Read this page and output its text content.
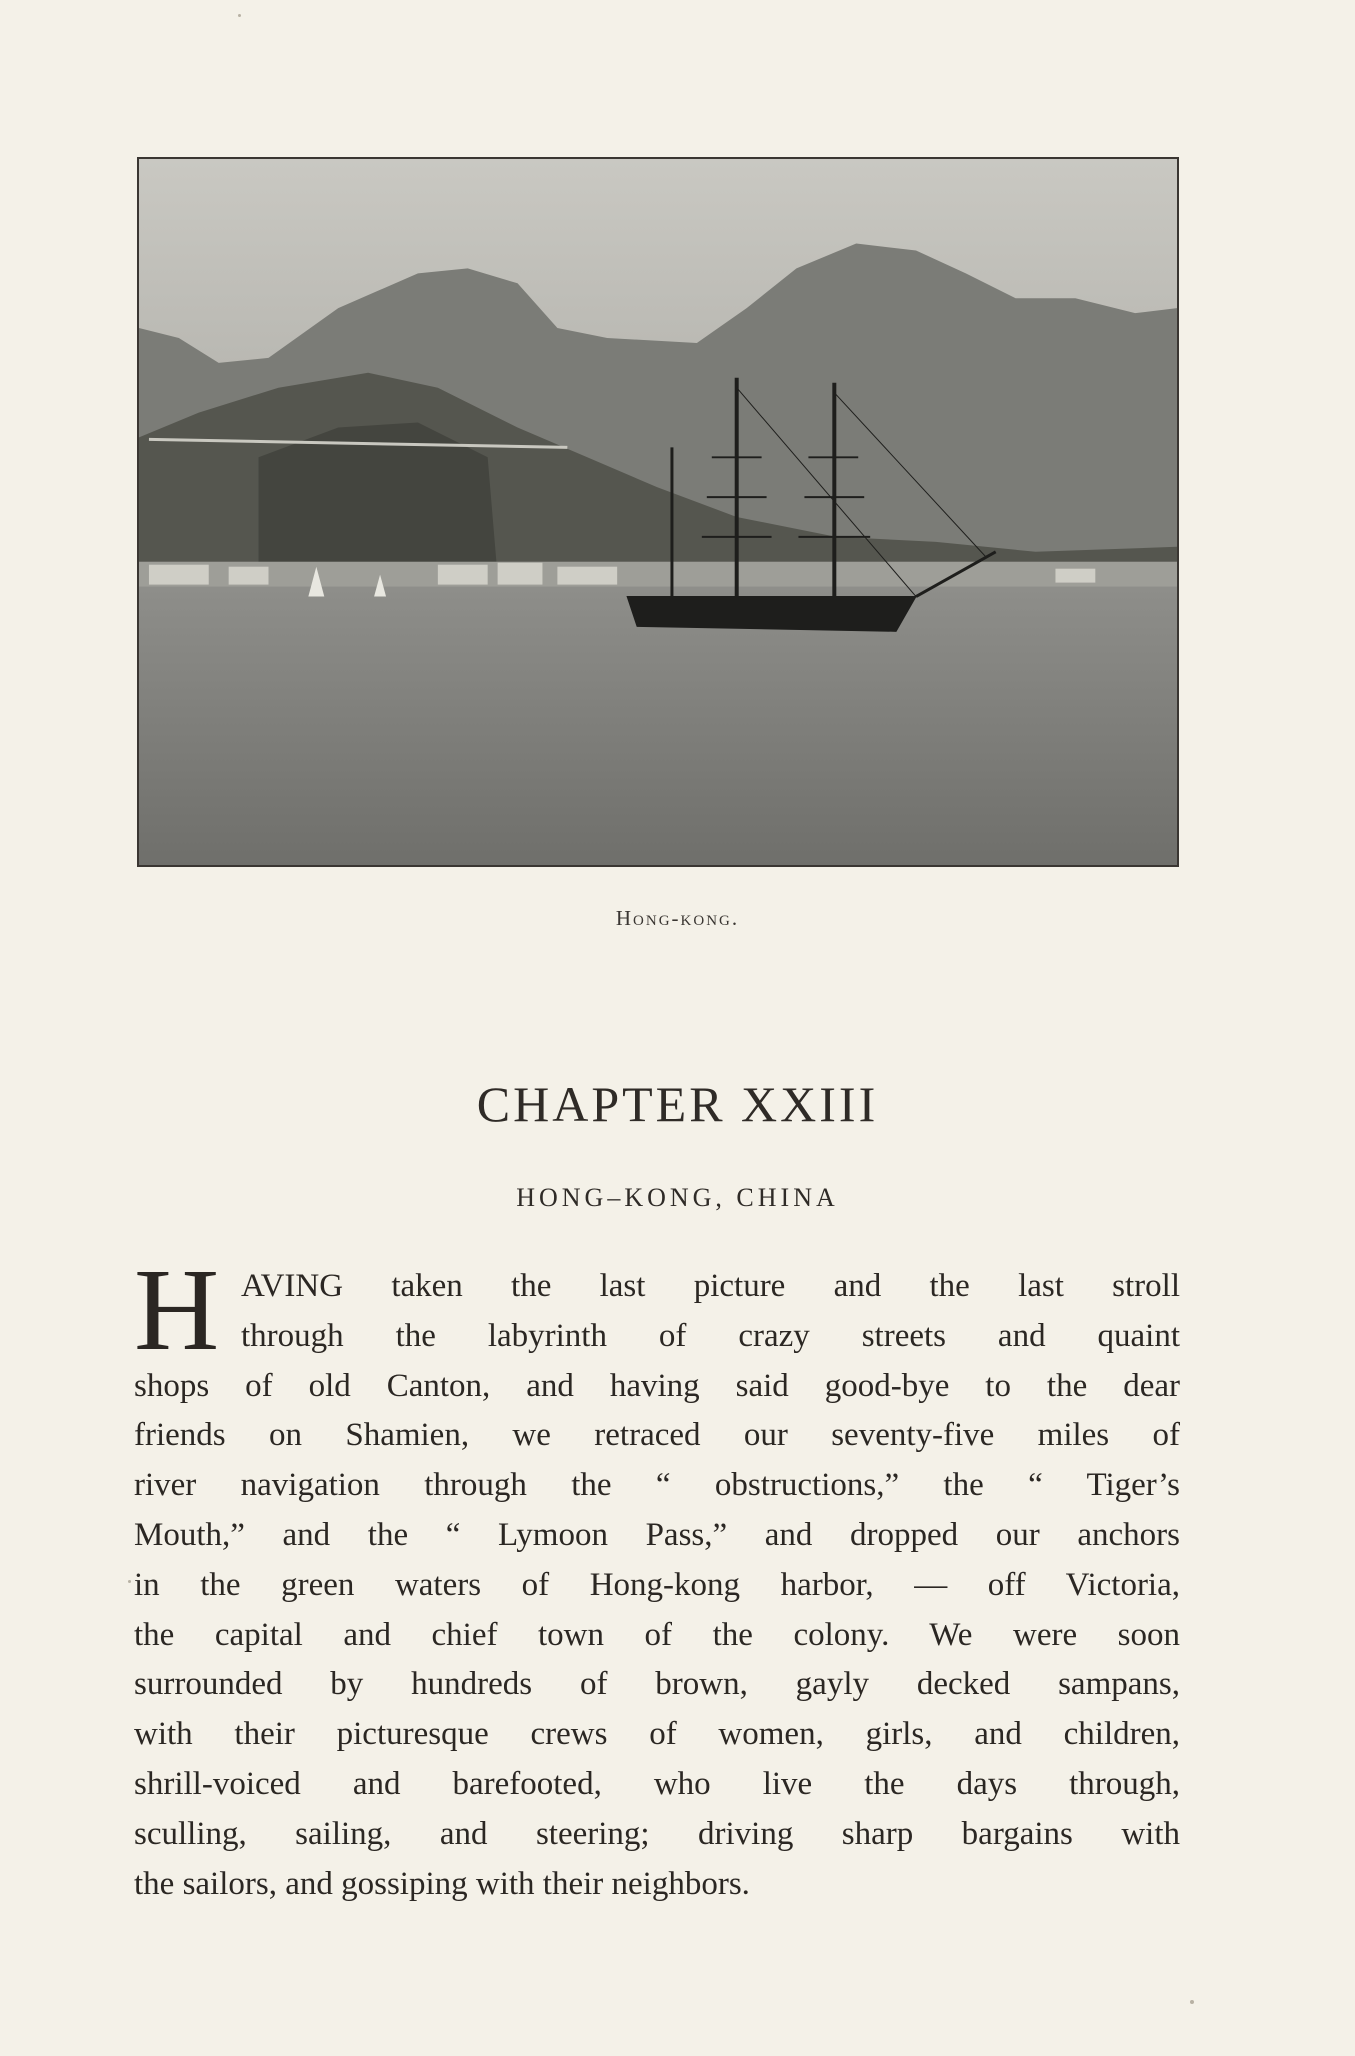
Hong-kong.
CHAPTER XXIII
HONG–KONG, CHINA
H AVING taken the last picture and the last stroll
through the labyrinth of crazy streets and quaint
shops of old Canton, and having said good-bye to the dear
friends on Shamien, we retraced our seventy-five miles of
river navigation through the “ obstructions,” the “ Tiger’s
Mouth,” and the “ Lymoon Pass,” and dropped our anchors
in the green waters of Hong-kong harbor, — off Victoria,
the capital and chief town of the colony. We were soon
surrounded by hundreds of brown, gayly decked sampans,
with their picturesque crews of women, girls, and children,
shrill-voiced and barefooted, who live the days through,
sculling, sailing, and steering; driving sharp bargains with
the sailors, and gossiping with their neighbors.
